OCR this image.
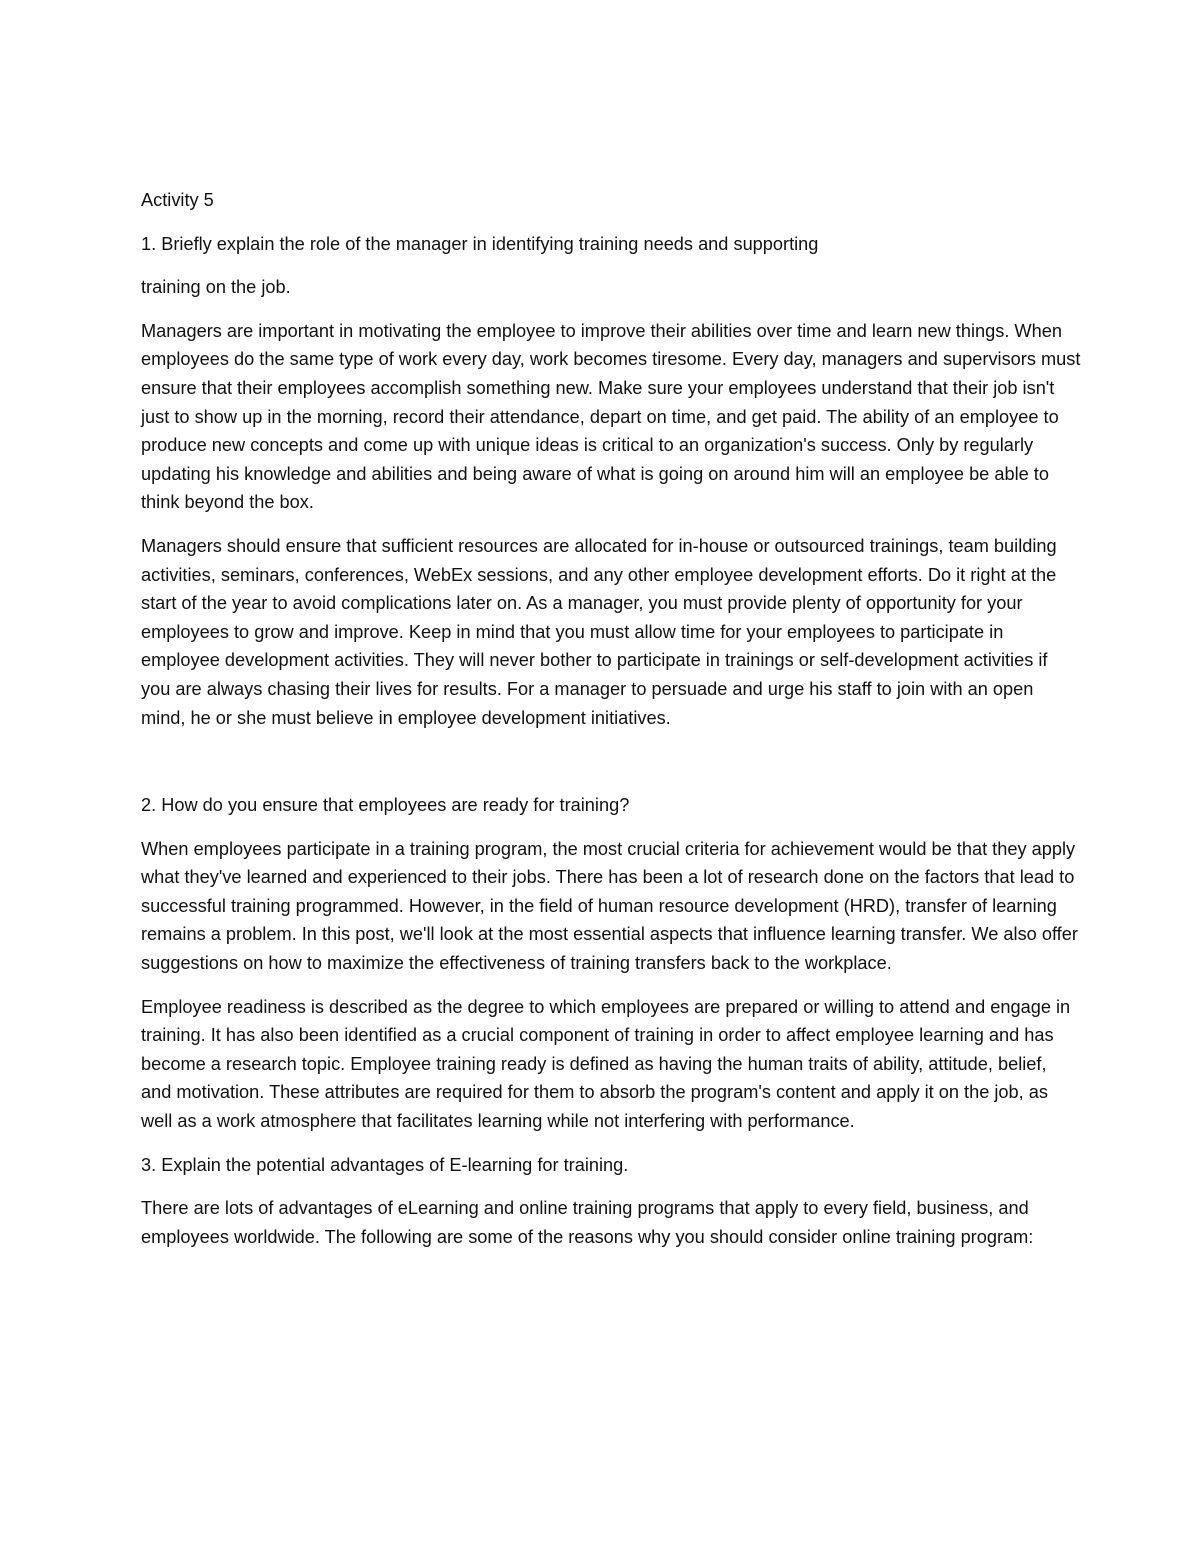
Activity 5

1. Briefly explain the role of the manager in identifying training needs and supporting

training on the job.

Managers are important in motivating the employee to improve their abilities over time and learn new things. When employees do the same type of work every day, work becomes tiresome. Every day, managers and supervisors must ensure that their employees accomplish something new. Make sure your employees understand that their job isn't just to show up in the morning, record their attendance, depart on time, and get paid. The ability of an employee to produce new concepts and come up with unique ideas is critical to an organization's success. Only by regularly updating his knowledge and abilities and being aware of what is going on around him will an employee be able to think beyond the box.

Managers should ensure that sufficient resources are allocated for in-house or outsourced trainings, team building activities, seminars, conferences, WebEx sessions, and any other employee development efforts. Do it right at the start of the year to avoid complications later on. As a manager, you must provide plenty of opportunity for your employees to grow and improve. Keep in mind that you must allow time for your employees to participate in employee development activities. They will never bother to participate in trainings or self-development activities if you are always chasing their lives for results. For a manager to persuade and urge his staff to join with an open mind, he or she must believe in employee development initiatives.

2. How do you ensure that employees are ready for training?

When employees participate in a training program, the most crucial criteria for achievement would be that they apply what they've learned and experienced to their jobs. There has been a lot of research done on the factors that lead to successful training programmed. However, in the field of human resource development (HRD), transfer of learning remains a problem. In this post, we'll look at the most essential aspects that influence learning transfer. We also offer suggestions on how to maximize the effectiveness of training transfers back to the workplace.

Employee readiness is described as the degree to which employees are prepared or willing to attend and engage in training. It has also been identified as a crucial component of training in order to affect employee learning and has become a research topic. Employee training ready is defined as having the human traits of ability, attitude, belief, and motivation. These attributes are required for them to absorb the program's content and apply it on the job, as well as a work atmosphere that facilitates learning while not interfering with performance.

3. Explain the potential advantages of E-learning for training.

There are lots of advantages of eLearning and online training programs that apply to every field, business, and employees worldwide. The following are some of the reasons why you should consider online training program:
